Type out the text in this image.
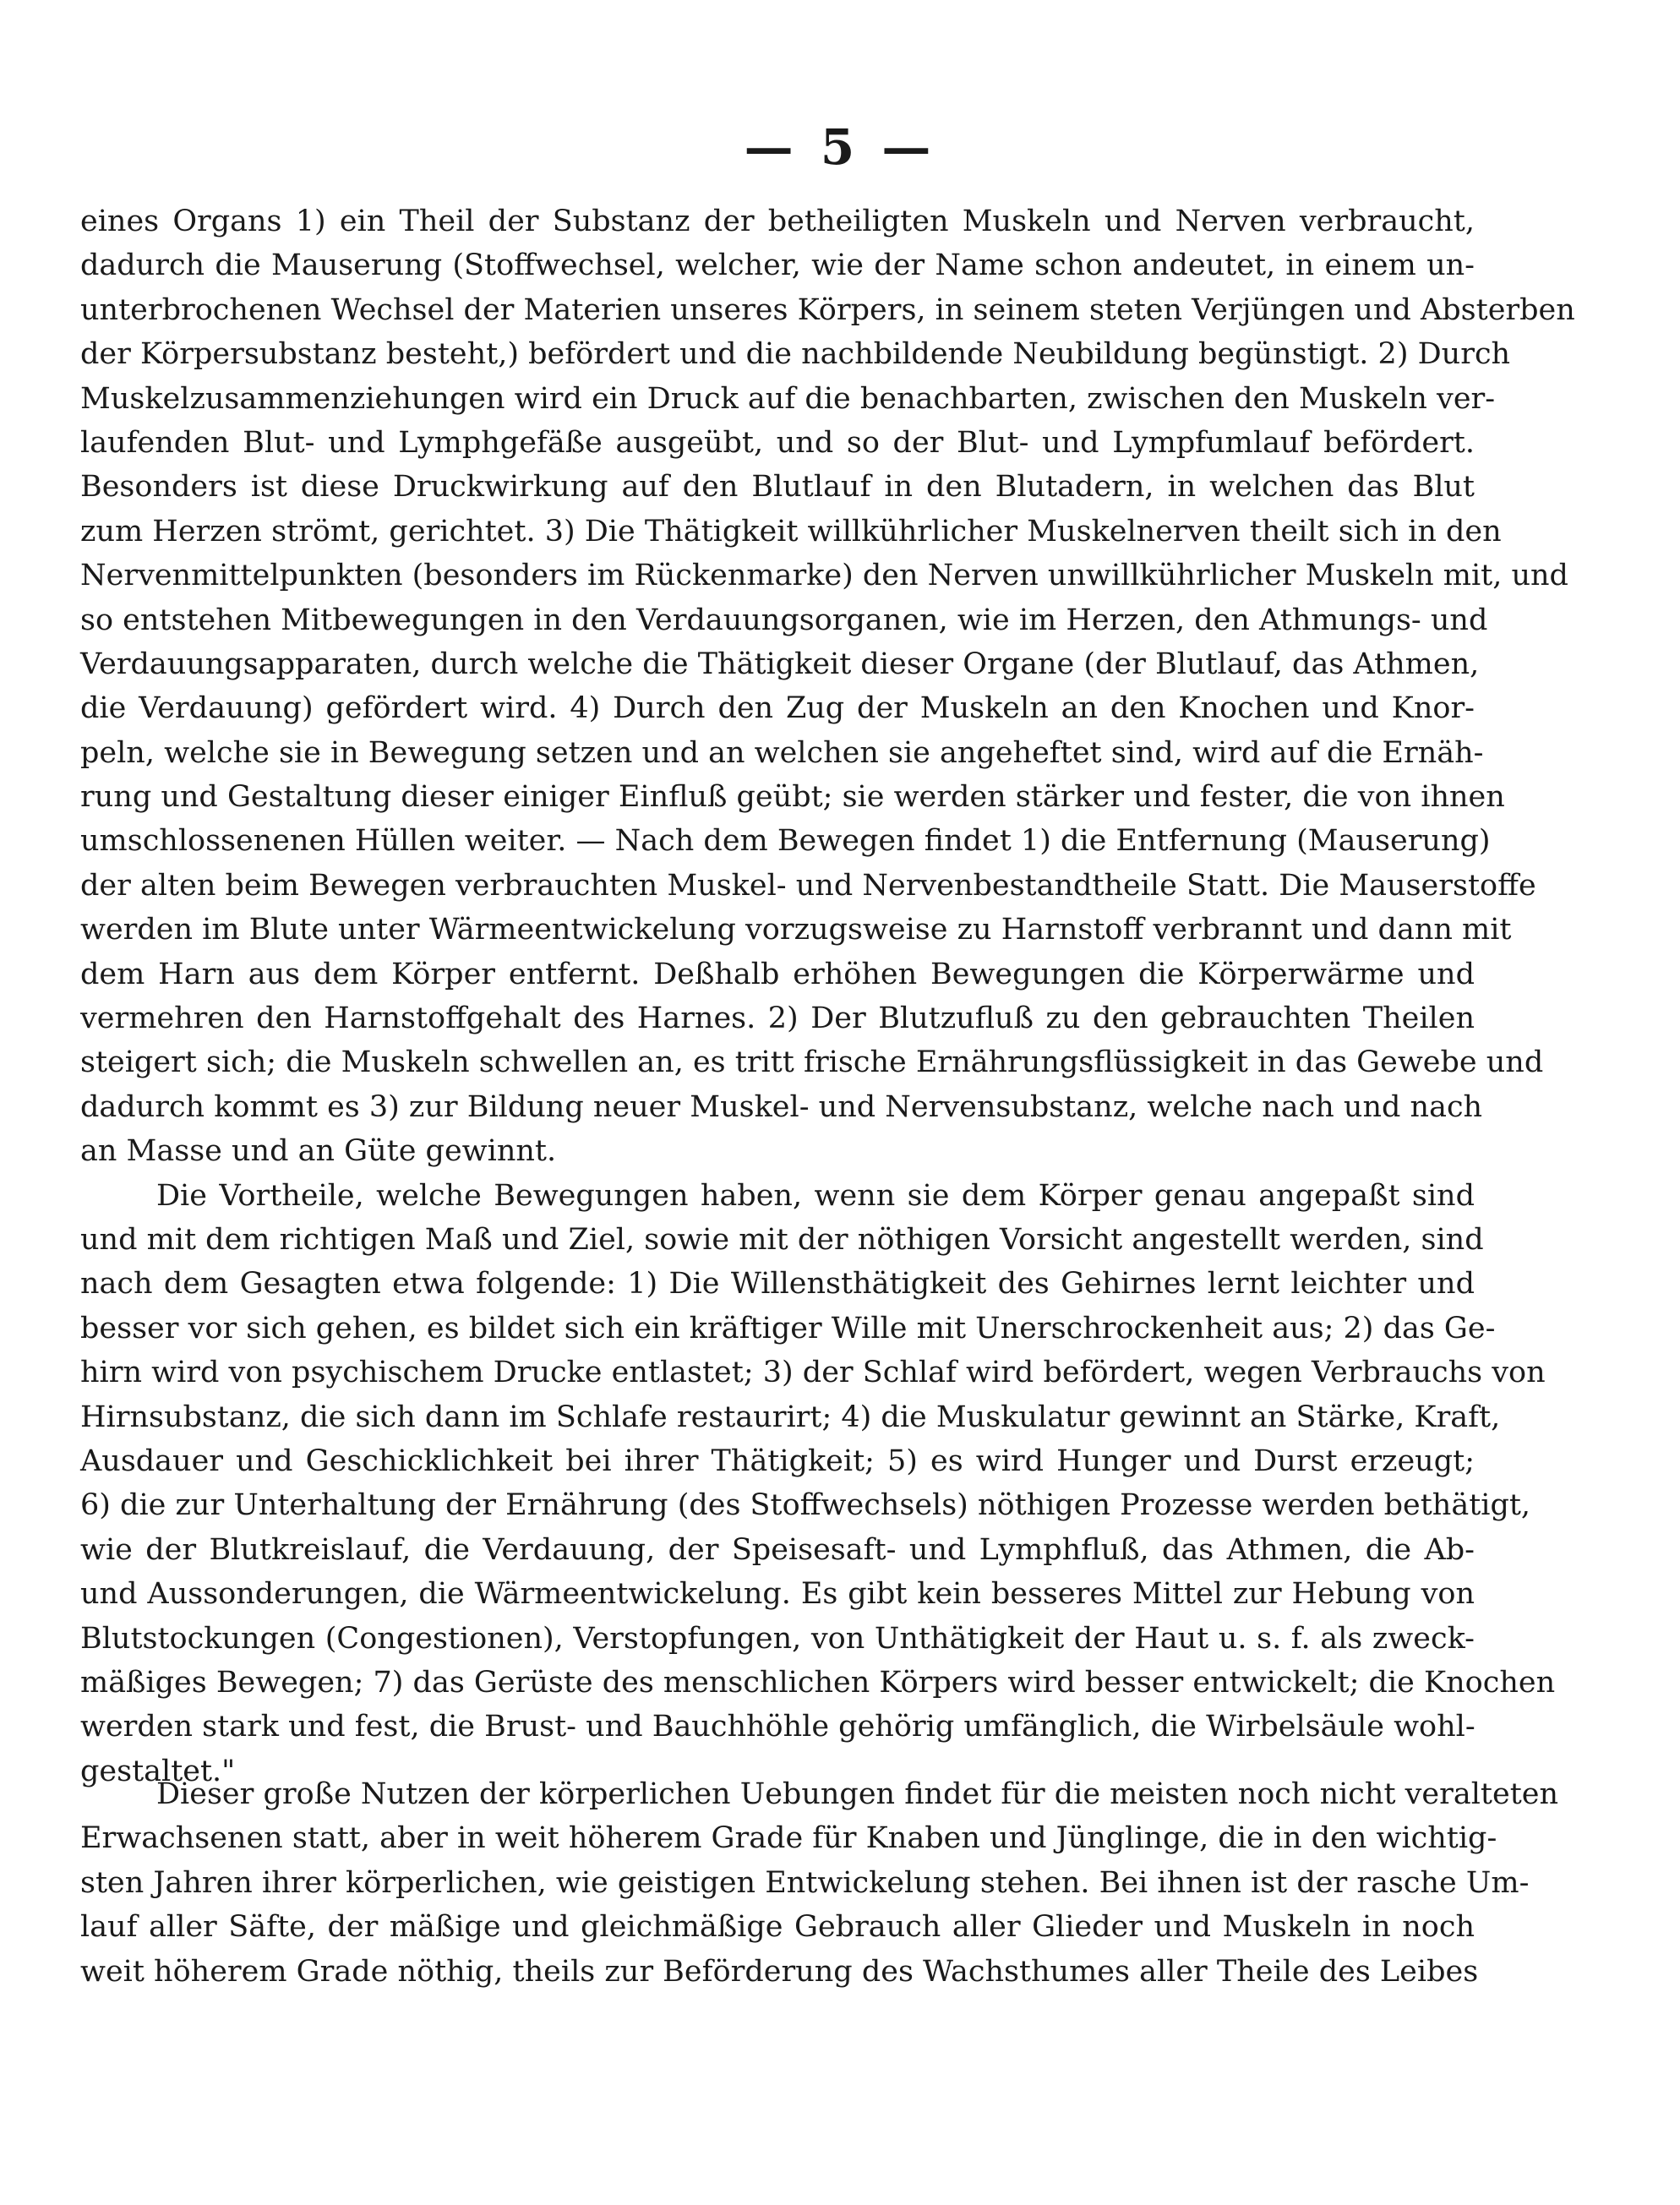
— 5 —
eines Organs 1) ein Theil der Substanz der betheiligten Muskeln und Nerven verbraucht,
dadurch die Mauserung (Stoffwechsel, welcher, wie der Name schon andeutet, in einem un-
unterbrochenen Wechsel der Materien unseres Körpers, in seinem steten Verjüngen und Absterben
der Körpersubstanz besteht,) befördert und die nachbildende Neubildung begünstigt. 2) Durch
Muskelzusammenziehungen wird ein Druck auf die benachbarten, zwischen den Muskeln ver-
laufenden Blut- und Lymphgefäße ausgeübt, und so der Blut- und Lympfumlauf befördert.
Besonders ist diese Druckwirkung auf den Blutlauf in den Blutadern, in welchen das Blut
zum Herzen strömt, gerichtet. 3) Die Thätigkeit willkührlicher Muskelnerven theilt sich in den
Nervenmittelpunkten (besonders im Rückenmarke) den Nerven unwillkührlicher Muskeln mit, und
so entstehen Mitbewegungen in den Verdauungsorganen, wie im Herzen, den Athmungs- und
Verdauungsapparaten, durch welche die Thätigkeit dieser Organe (der Blutlauf, das Athmen,
die Verdauung) gefördert wird. 4) Durch den Zug der Muskeln an den Knochen und Knor-
peln, welche sie in Bewegung setzen und an welchen sie angeheftet sind, wird auf die Ernäh-
rung und Gestaltung dieser einiger Einfluß geübt; sie werden stärker und fester, die von ihnen
umschlossenenen Hüllen weiter. — Nach dem Bewegen findet 1) die Entfernung (Mauserung)
der alten beim Bewegen verbrauchten Muskel- und Nervenbestandtheile Statt. Die Mauserstoffe
werden im Blute unter Wärmeentwickelung vorzugsweise zu Harnstoff verbrannt und dann mit
dem Harn aus dem Körper entfernt. Deßhalb erhöhen Bewegungen die Körperwärme und
vermehren den Harnstoffgehalt des Harnes. 2) Der Blutzufluß zu den gebrauchten Theilen
steigert sich; die Muskeln schwellen an, es tritt frische Ernährungsflüssigkeit in das Gewebe und
dadurch kommt es 3) zur Bildung neuer Muskel- und Nervensubstanz, welche nach und nach
an Masse und an Güte gewinnt.
Die Vortheile, welche Bewegungen haben, wenn sie dem Körper genau angepaßt sind
und mit dem richtigen Maß und Ziel, sowie mit der nöthigen Vorsicht angestellt werden, sind
nach dem Gesagten etwa folgende: 1) Die Willensthätigkeit des Gehirnes lernt leichter und
besser vor sich gehen, es bildet sich ein kräftiger Wille mit Unerschrockenheit aus; 2) das Ge-
hirn wird von psychischem Drucke entlastet; 3) der Schlaf wird befördert, wegen Verbrauchs von
Hirnsubstanz, die sich dann im Schlafe restaurirt; 4) die Muskulatur gewinnt an Stärke, Kraft,
Ausdauer und Geschicklichkeit bei ihrer Thätigkeit; 5) es wird Hunger und Durst erzeugt;
6) die zur Unterhaltung der Ernährung (des Stoffwechsels) nöthigen Prozesse werden bethätigt,
wie der Blutkreislauf, die Verdauung, der Speisesaft- und Lymphfluß, das Athmen, die Ab-
und Aussonderungen, die Wärmeentwickelung. Es gibt kein besseres Mittel zur Hebung von
Blutstockungen (Congestionen), Verstopfungen, von Unthätigkeit der Haut u. s. f. als zweck-
mäßiges Bewegen; 7) das Gerüste des menschlichen Körpers wird besser entwickelt; die Knochen
werden stark und fest, die Brust- und Bauchhöhle gehörig umfänglich, die Wirbelsäule wohl-
gestaltet."
Dieser große Nutzen der körperlichen Uebungen findet für die meisten noch nicht veralteten
Erwachsenen statt, aber in weit höherem Grade für Knaben und Jünglinge, die in den wichtig-
sten Jahren ihrer körperlichen, wie geistigen Entwickelung stehen. Bei ihnen ist der rasche Um-
lauf aller Säfte, der mäßige und gleichmäßige Gebrauch aller Glieder und Muskeln in noch
weit höherem Grade nöthig, theils zur Beförderung des Wachsthumes aller Theile des Leibes
